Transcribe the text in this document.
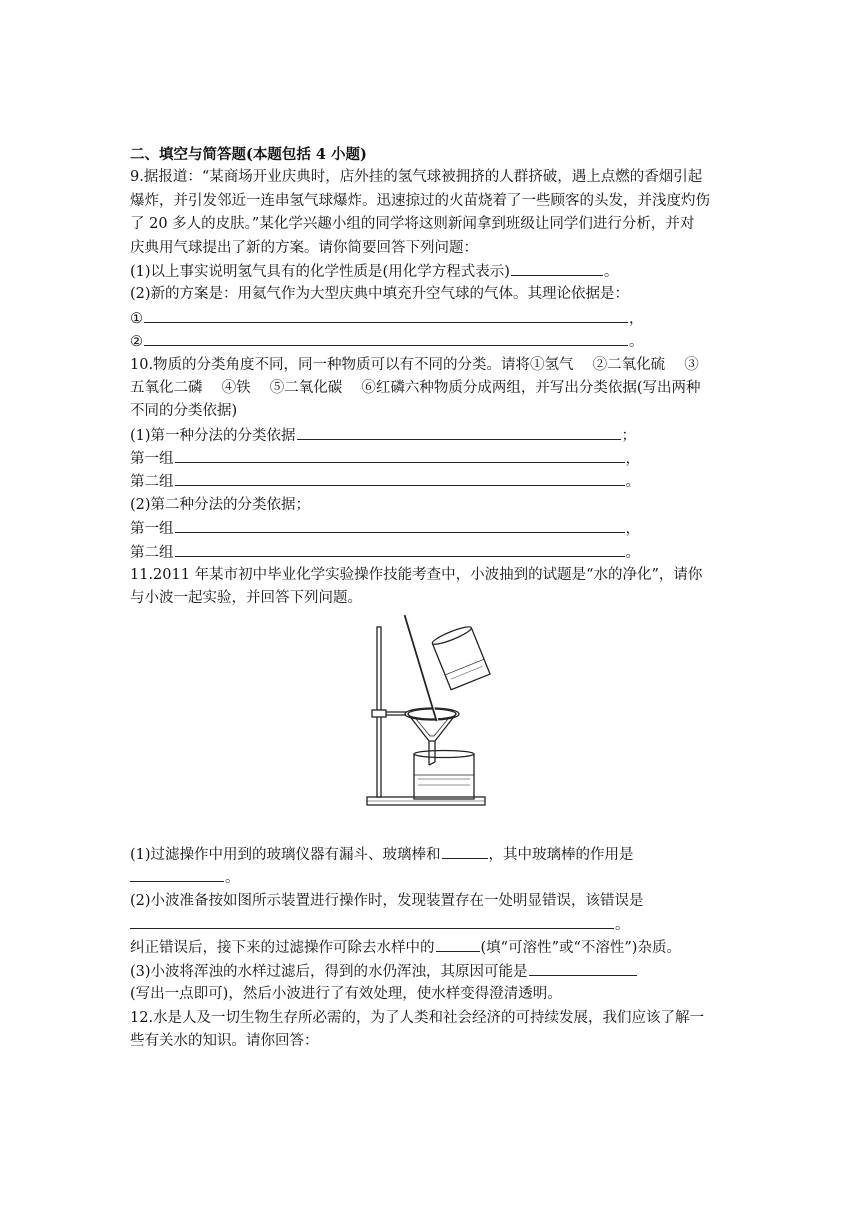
二、填空与简答题(本题包括 4 小题)
9.据报道：“某商场开业庆典时，店外挂的氢气球被拥挤的人群挤破，遇上点燃的香烟引起
爆炸，并引发邻近一连串氢气球爆炸。迅速掠过的火苗烧着了一些顾客的头发，并浅度灼伤
了 20 多人的皮肤。”某化学兴趣小组的同学将这则新闻拿到班级让同学们进行分析，并对
庆典用气球提出了新的方案。请你简要回答下列问题：
(1)以上事实说明氢气具有的化学性质是(用化学方程式表示)	。
(2)新的方案是：用氦气作为大型庆典中填充升空气球的气体。其理论依据是：
①	，
②	。
10.物质的分类角度不同，同一种物质可以有不同的分类。请将①氢气　 ②二氧化硫　 ③
五氧化二磷　 ④铁　 ⑤二氧化碳　 ⑥红磷六种物质分成两组，并写出分类依据(写出两种
不同的分类依据)
(1)第一种分法的分类依据	；
第一组	，
第二组	。
(2)第二种分法的分类依据；
第一组	，
第二组	。
11.2011 年某市初中毕业化学实验操作技能考查中，小波抽到的试题是“水的净化”，请你
与小波一起实验，并回答下列问题。
(1)过滤操作中用到的玻璃仪器有漏斗、玻璃棒和	，其中玻璃棒的作用是
。
(2)小波准备按如图所示装置进行操作时，发现装置存在一处明显错误，该错误是
。
纠正错误后，接下来的过滤操作可除去水样中的	(填“可溶性”或“不溶性”)杂质。
(3)小波将浑浊的水样过滤后，得到的水仍浑浊，其原因可能是
(写出一点即可)，然后小波进行了有效处理，使水样变得澄清透明。
12.水是人及一切生物生存所必需的，为了人类和社会经济的可持续发展，我们应该了解一
些有关水的知识。请你回答：
